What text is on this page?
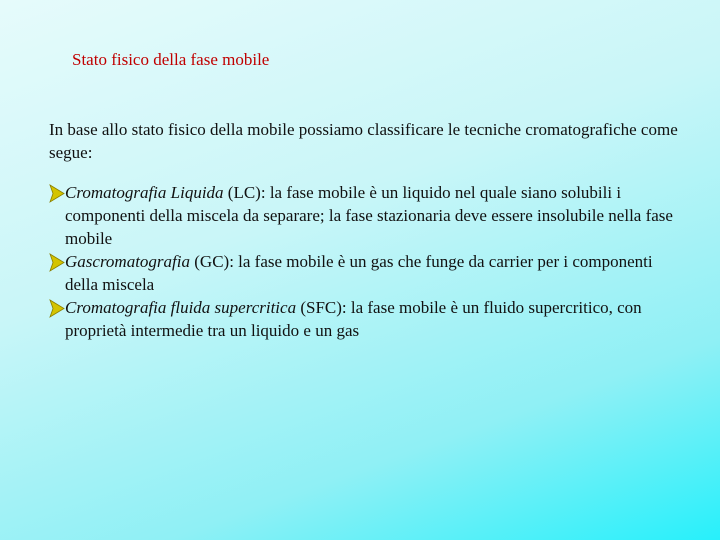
Stato fisico della fase mobile
In base allo stato fisico della mobile possiamo classificare le tecniche cromatografiche come segue:
Cromatografia Liquida (LC): la fase mobile è un liquido nel quale siano solubili i componenti della miscela da separare; la fase stazionaria deve essere insolubile nella fase mobile
Gascromatografia (GC): la fase mobile è un gas che funge da carrier per i componenti della miscela
Cromatografia fluida supercritica (SFC): la fase mobile è un fluido supercritico, con proprietà intermedie tra un liquido e un gas
